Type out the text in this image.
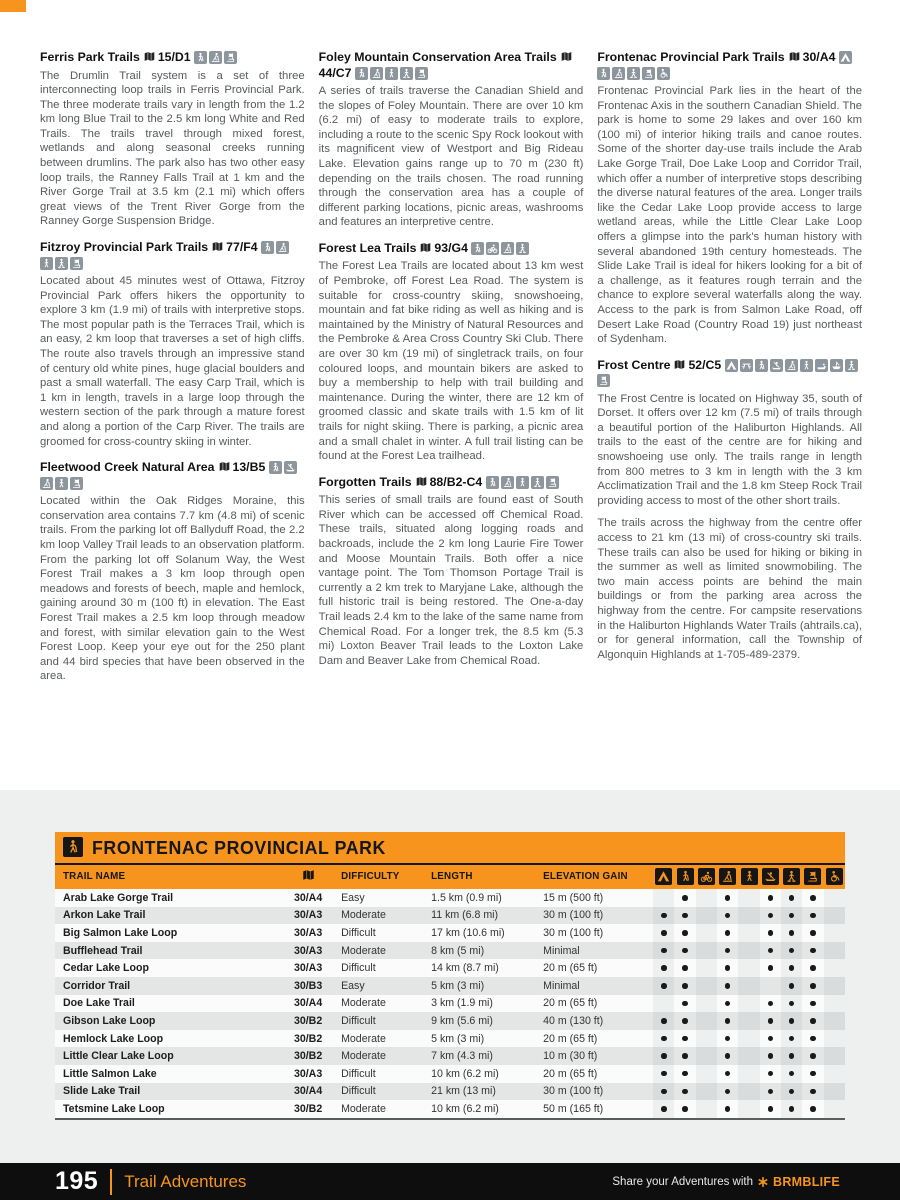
Ferris Park Trails 15/D1

The Drumlin Trail system is a set of three interconnecting loop trails in Ferris Provincial Park. The three moderate trails vary in length from the 1.2 km long Blue Trail to the 2.5 km long White and Red Trails. The trails travel through mixed forest, wetlands and along seasonal creeks running between drumlins. The park also has two other easy loop trails, the Ranney Falls Trail at 1 km and the River Gorge Trail at 3.5 km (2.1 mi) which offers great views of the Trent River Gorge from the Ranney Gorge Suspension Bridge.

Fitzroy Provincial Park Trails 77/F4

Located about 45 minutes west of Ottawa, Fitzroy Provincial Park offers hikers the opportunity to explore 3 km (1.9 mi) of trails with interpretive stops. The most popular path is the Terraces Trail, which is an easy, 2 km loop that traverses a set of high cliffs. The route also travels through an impressive stand of century old white pines, huge glacial boulders and past a small waterfall. The easy Carp Trail, which is 1 km in length, travels in a large loop through the western section of the park through a mature forest and along a portion of the Carp River. The trails are groomed for cross-country skiing in winter.

Fleetwood Creek Natural Area 13/B5

Located within the Oak Ridges Moraine, this conservation area contains 7.7 km (4.8 mi) of scenic trails. From the parking lot off Ballyduff Road, the 2.2 km loop Valley Trail leads to an observation platform. From the parking lot off Solanum Way, the West Forest Trail makes a 3 km loop through open meadows and forests of beech, maple and hemlock, gaining around 30 m (100 ft) in elevation. The East Forest Trail makes a 2.5 km loop through meadow and forest, with similar elevation gain to the West Forest Loop. Keep your eye out for the 250 plant and 44 bird species that have been observed in the area.

Foley Mountain Conservation Area Trails
44/C7

A series of trails traverse the Canadian Shield and the slopes of Foley Mountain. There are over 10 km (6.2 mi) of easy to moderate trails to explore, including a route to the scenic Spy Rock lookout with its magnificent view of Westport and Big Rideau Lake. Elevation gains range up to 70 m (230 ft) depending on the trails chosen. The road running through the conservation area has a couple of different parking locations, picnic areas, washrooms and features an interpretive centre.

Forest Lea Trails 93/G4

The Forest Lea Trails are located about 13 km west of Pembroke, off Forest Lea Road. The system is suitable for cross-country skiing, snowshoeing, mountain and fat bike riding as well as hiking and is maintained by the Ministry of Natural Resources and the Pembroke & Area Cross Country Ski Club. There are over 30 km (19 mi) of singletrack trails, on four coloured loops, and mountain bikers are asked to buy a membership to help with trail building and maintenance. During the winter, there are 12 km of groomed classic and skate trails with 1.5 km of lit trails for night skiing. There is parking, a picnic area and a small chalet in winter. A full trail listing can be found at the Forest Lea trailhead.

Forgotten Trails 88/B2-C4

This series of small trails are found east of South River which can be accessed off Chemical Road. These trails, situated along logging roads and backroads, include the 2 km long Laurie Fire Tower and Moose Mountain Trails. Both offer a nice vantage point. The Tom Thomson Portage Trail is currently a 2 km trek to Maryjane Lake, although the full historic trail is being restored. The One-a-day Trail leads 2.4 km to the lake of the same name from Chemical Road. For a longer trek, the 8.5 km (5.3 mi) Loxton Beaver Trail leads to the Loxton Lake Dam and Beaver Lake from Chemical Road.

Frontenac Provincial Park Trails 30/A4

Frontenac Provincial Park lies in the heart of the Frontenac Axis in the southern Canadian Shield. The park is home to some 29 lakes and over 160 km (100 mi) of interior hiking trails and canoe routes. Some of the shorter day-use trails include the Arab Lake Gorge Trail, Doe Lake Loop and Corridor Trail, which offer a number of interpretive stops describing the diverse natural features of the area. Longer trails like the Cedar Lake Loop provide access to large wetland areas, while the Little Clear Lake Loop offers a glimpse into the park's human history with several abandoned 19th century homesteads. The Slide Lake Trail is ideal for hikers looking for a bit of a challenge, as it features rough terrain and the chance to explore several waterfalls along the way. Access to the park is from Salmon Lake Road, off Desert Lake Road (Country Road 19) just northeast of Sydenham.

Frost Centre 52/C5

The Frost Centre is located on Highway 35, south of Dorset. It offers over 12 km (7.5 mi) of trails through a beautiful portion of the Haliburton Highlands. All trails to the east of the centre are for hiking and snowshoeing use only. The trails range in length from 800 metres to 3 km in length with the 3 km Acclimatization Trail and the 1.8 km Steep Rock Trail providing access to most of the other short trails.

The trails across the highway from the centre offer access to 21 km (13 mi) of cross-country ski trails. These trails can also be used for hiking or biking in the summer as well as limited snowmobiling. The two main access points are behind the main buildings or from the parking area across the highway from the centre. For campsite reservations in the Haliburton Highlands Water Trails (ahtrails.ca), or for general information, call the Township of Algonquin Highlands at 1-705-489-2379.

FRONTENAC PROVINCIAL PARK
TRAIL NAME		DIFFICULTY	LENGTH	ELEVATION GAIN	

Arab Lake Gorge Trail	30/A4	Easy	1.5 km (0.9 mi)	15 m (500 ft)		

Arkon Lake Trail	30/A3	Moderate	11 km (6.8 mi)	30 m (100 ft)	

Big Salmon Lake Loop	30/A3	Difficult	17 km (10.6 mi)	30 m (100 ft)	

Bufflehead Trail	30/A3	Moderate	8 km (5 mi)	Minimal	

Cedar Lake Loop	30/A3	Difficult	14 km (8.7 mi)	20 m (65 ft)	

Corridor Trail	30/B3	Easy	5 km (3 mi)	Minimal	

Doe Lake Trail	30/A4	Moderate	3 km (1.9 mi)	20 m (65 ft)		

Gibson Lake Loop	30/B2	Difficult	9 km (5.6 mi)	40 m (130 ft)	

Hemlock Lake Loop	30/B2	Moderate	5 km (3 mi)	20 m (65 ft)	

Little Clear Lake Loop	30/B2	Moderate	7 km (4.3 mi)	10 m (30 ft)	

Little Salmon Lake	30/A3	Difficult	10 km (6.2 mi)	20 m (65 ft)	

Slide Lake Trail	30/A4	Difficult	21 km (13 mi)	30 m (100 ft)	

Tetsmine Lake Loop	30/B2	Moderate	10 km (6.2 mi)	50 m (165 ft)	

195 Trail Adventures	Share your Adventures with BRMBLIFE
